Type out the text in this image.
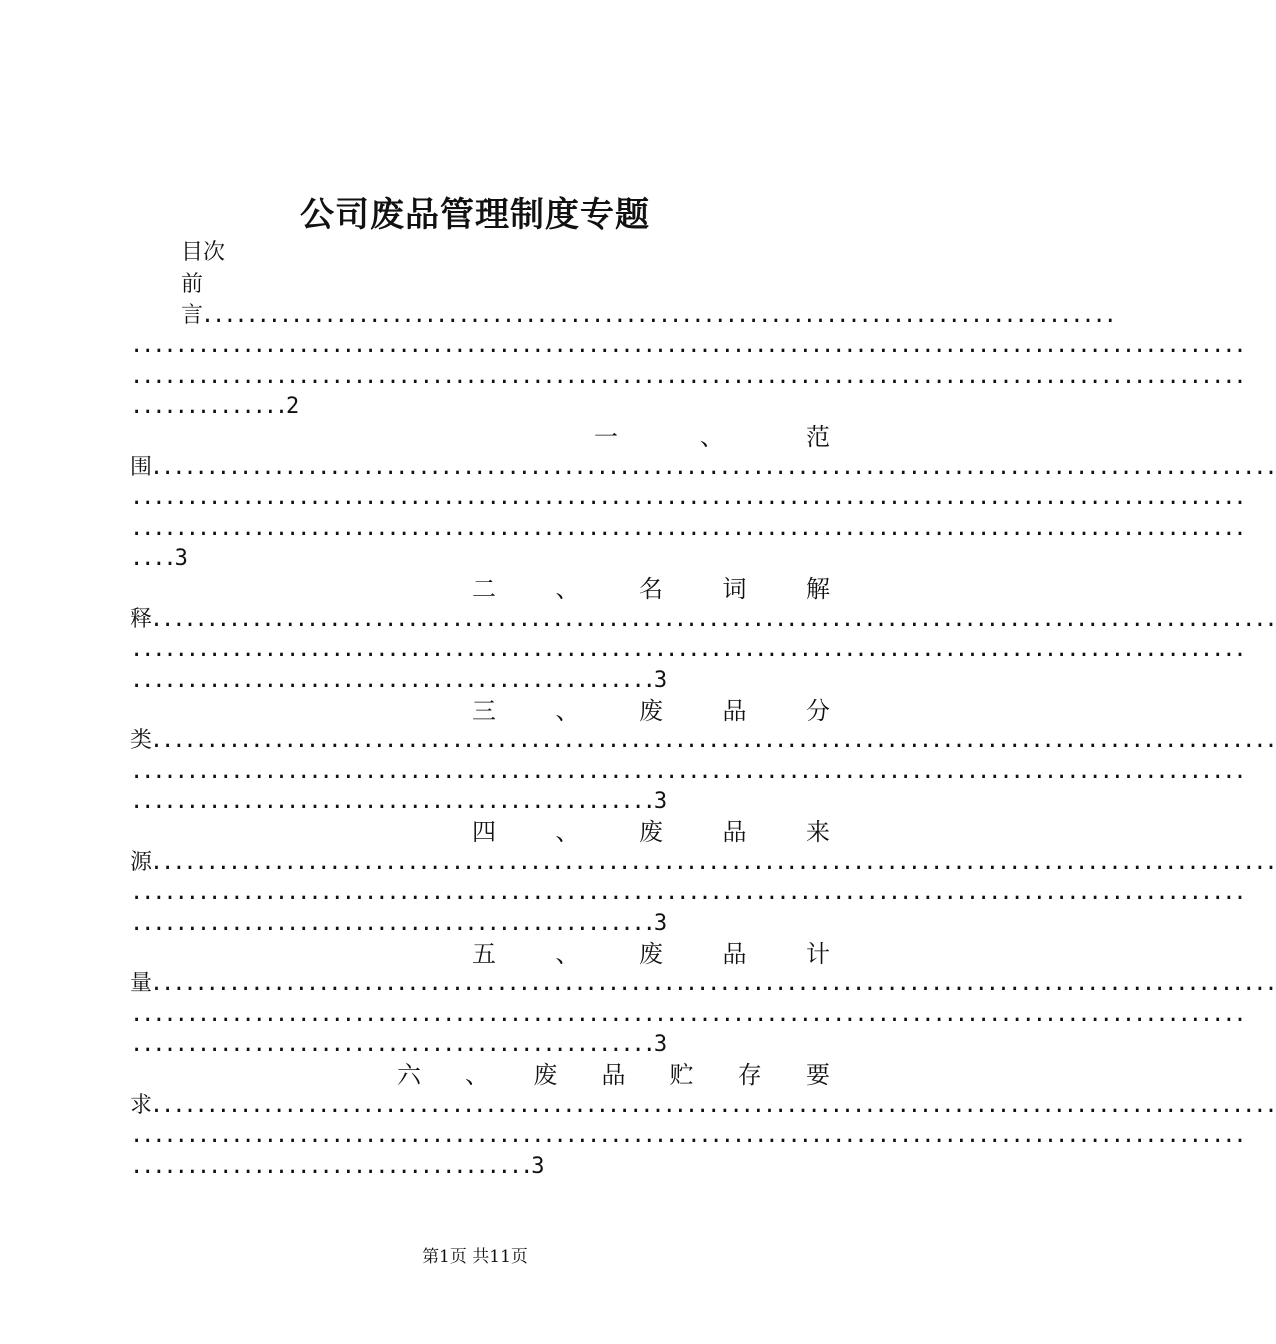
公司废品管理制度专题
目次
前
言..................................................................................
....................................................................................................
....................................................................................................
..............2
一	、	范
围.....................................................................................................
....................................................................................................
....................................................................................................
....3
二 、 名 词 解
释.....................................................................................................
....................................................................................................
...............................................3
三 、 废 品 分
类.....................................................................................................
....................................................................................................
...............................................3
四 、 废 品 来
源.....................................................................................................
....................................................................................................
...............................................3
五 、 废 品 计
量.....................................................................................................
....................................................................................................
...............................................3
六 、 废 品 贮 存 要
求.....................................................................................................
....................................................................................................
....................................3
第1页 共11页
